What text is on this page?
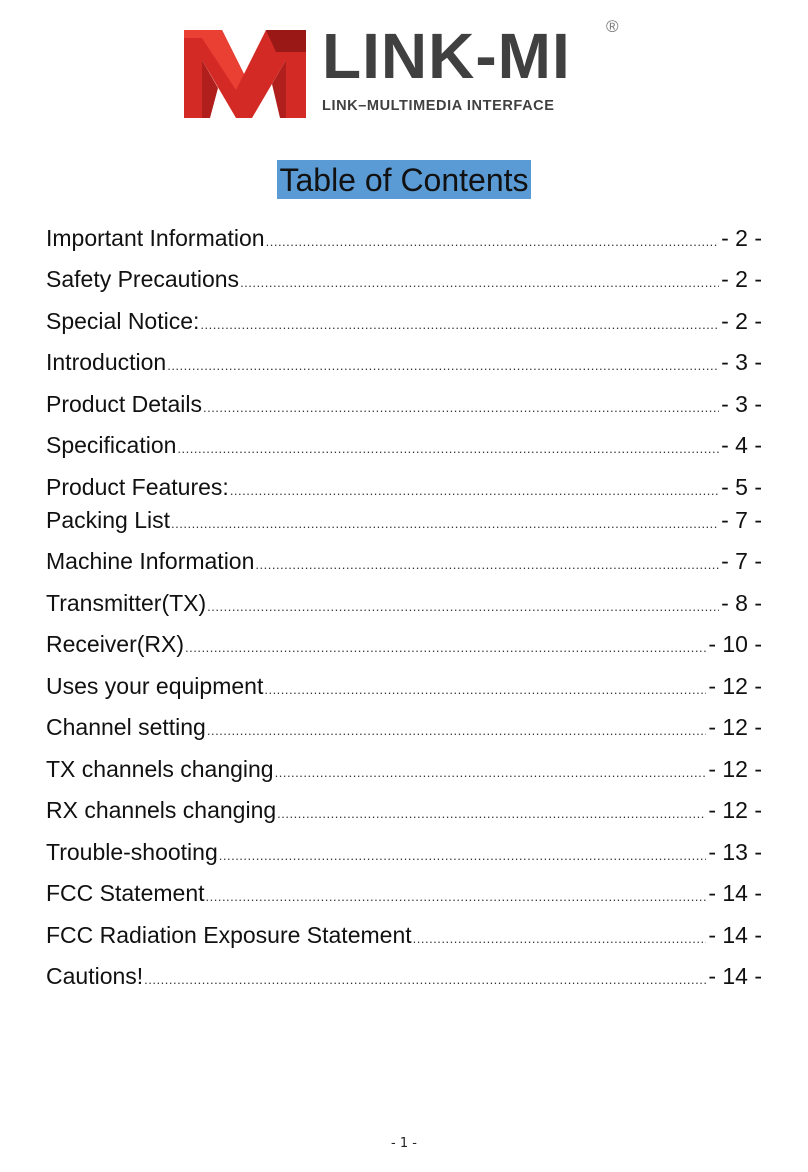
LINK-MI ®
LINK–MULTIMEDIA INTERFACE
Table of Contents
Important Information .....	- 2 -
Safety Precautions .....	- 2 -
Special Notice: .....	- 2 -
Introduction .....	- 3 -
Product Details .....	- 3 -
Specification .....	- 4 -
Product Features: .....	- 5 -
Packing List .....	- 7 -
Machine Information .....	- 7 -
Transmitter(TX) .....	- 8 -
Receiver(RX) .....	- 10 -
Uses your equipment .....	- 12 -
Channel setting .....	- 12 -
TX channels changing .....	- 12 -
RX channels changing .....	- 12 -
Trouble-shooting .....	- 13 -
FCC Statement .....	- 14 -
FCC Radiation Exposure Statement .....	- 14 -
Cautions! .....	- 14 -
- 1 -
